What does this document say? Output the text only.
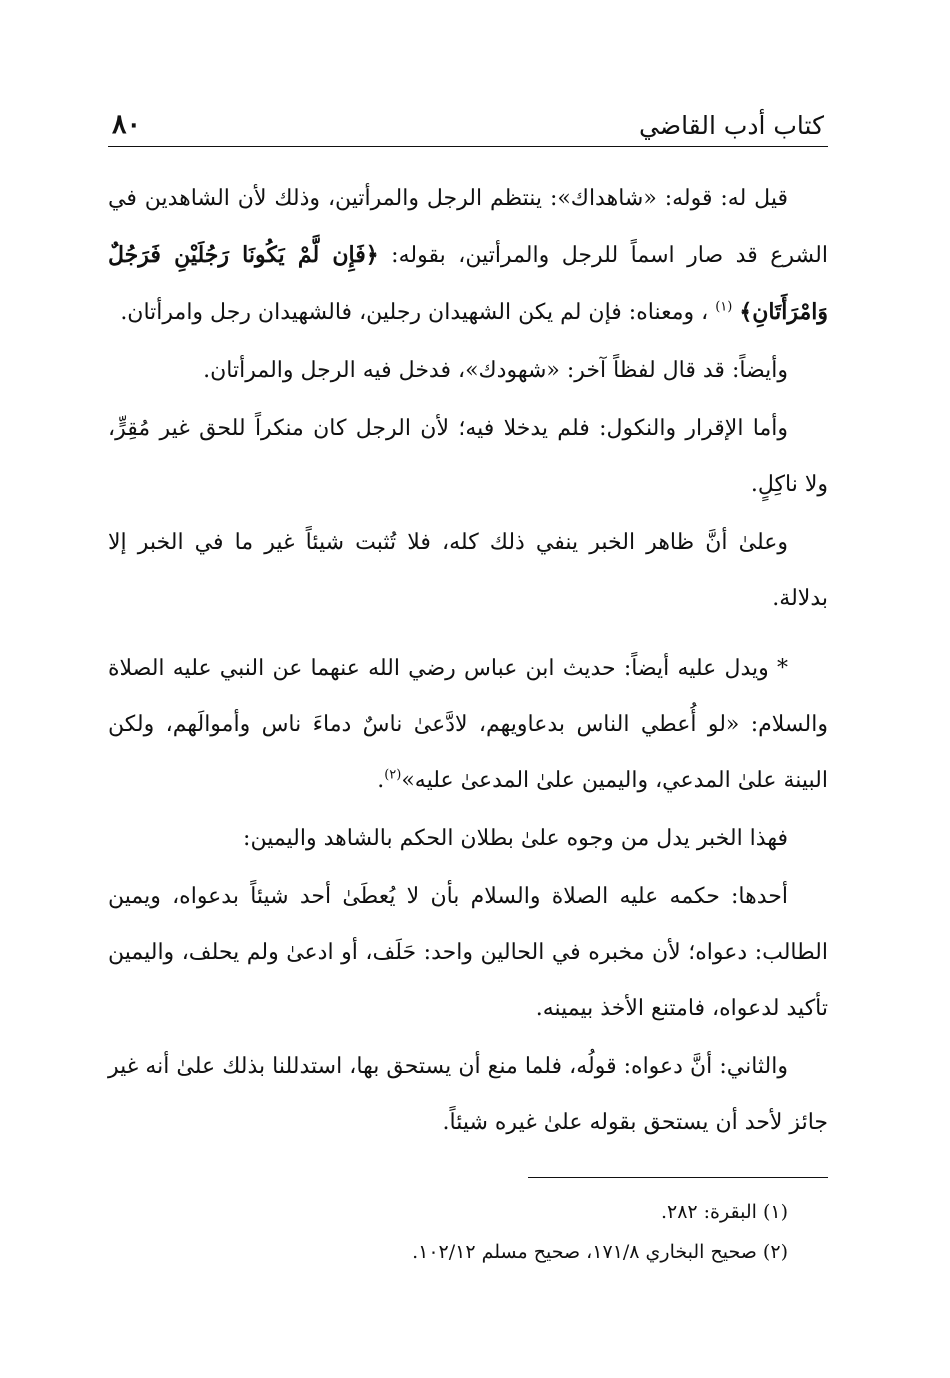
كتاب أدب القاضي
٨٠

قيل له: قوله: «شاهداك»: ينتظم الرجل والمرأتين، وذلك لأن الشاهدين في الشرع قد صار اسماً للرجل والمرأتين، بقوله: ﴿فَإِن لَّمْ يَكُونَا رَجُلَيْنِ فَرَجُلٌ وَامْرَأَتَانِ﴾ $^{(١)}$ ، ومعناه: فإن لم يكن الشهيدان رجلين، فالشهيدان رجل وامرأتان.

وأيضاً: قد قال لفظاً آخر: «شهودك»، فدخل فيه الرجل والمرأتان.

وأما الإقرار والنكول: فلم يدخلا فيه؛ لأن الرجل كان منكراً للحق غير مُقِرٍّ، ولا ناكِلٍ.

وعلىٰ أنَّ ظاهر الخبر ينفي ذلك كله، فلا تُثبت شيئاً غير ما في الخبر إلا بدلالة.

* ويدل عليه أيضاً: حديث ابن عباس رضي الله عنهما عن النبي عليه الصلاة والسلام: «لو أُعطي الناس بدعاويهم، لادَّعىٰ ناسٌ دماءَ ناس وأموالَهم، ولكن البينة علىٰ المدعي، واليمين علىٰ المدعىٰ عليه»$^{(٢)}$.

فهذا الخبر يدل من وجوه علىٰ بطلان الحكم بالشاهد واليمين:

أحدها: حكمه عليه الصلاة والسلام بأن لا يُعطَىٰ أحد شيئاً بدعواه، ويمين الطالب: دعواه؛ لأن مخبره في الحالين واحد: حَلَف، أو ادعىٰ ولم يحلف، واليمين تأكيد لدعواه، فامتنع الأخذ بيمينه.

والثاني: أنَّ دعواه: قولُه، فلما منع أن يستحق بها، استدللنا بذلك علىٰ أنه غير جائز لأحد أن يستحق بقوله علىٰ غيره شيئاً.

(١) البقرة: ٢٨٢.
(٢) صحيح البخاري ١٧١/٨، صحيح مسلم ١٠٢/١٢.
